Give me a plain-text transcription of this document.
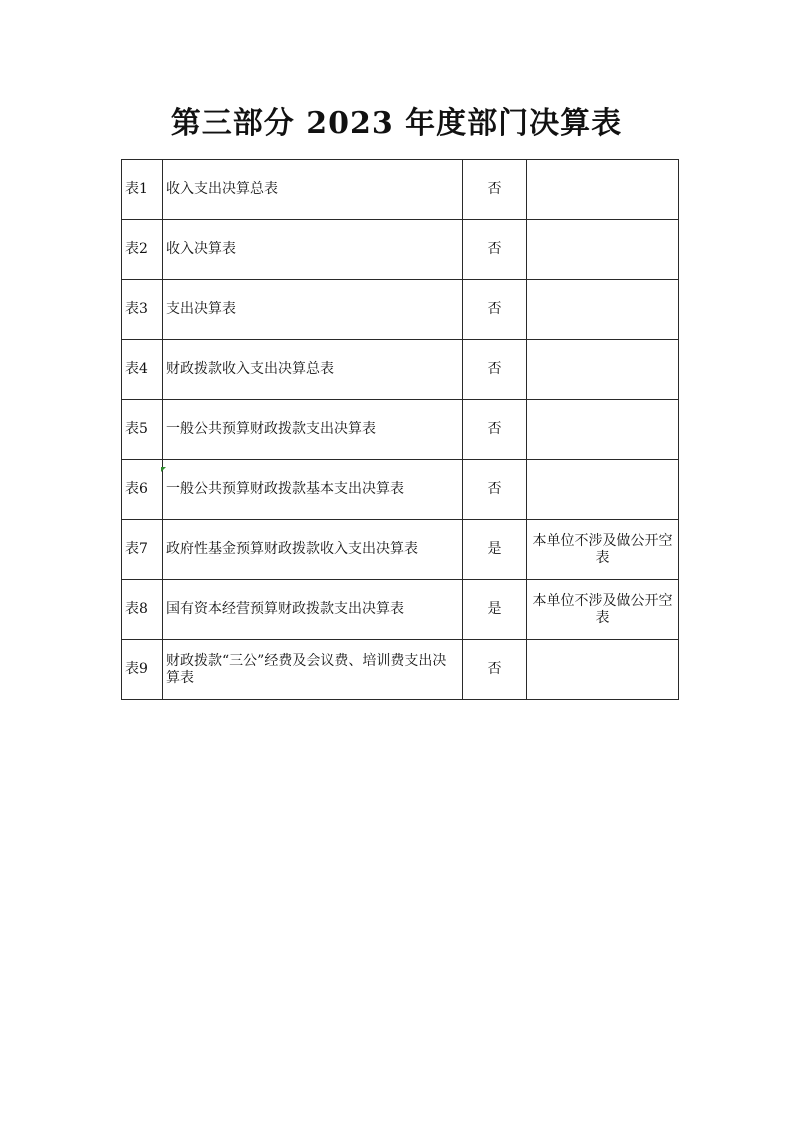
第三部分 2023 年度部门决算表
表1	收入支出决算总表	否	
表2	收入决算表	否	
表3	支出决算表	否	
表4	财政拨款收入支出决算总表	否	
表5	一般公共预算财政拨款支出决算表	否	
表6	一般公共预算财政拨款基本支出决算表	否	
表7	政府性基金预算财政拨款收入支出决算表	是	本单位不涉及做公开空表
表8	国有资本经营预算财政拨款支出决算表	是	本单位不涉及做公开空表
表9	财政拨款“三公”经费及会议费、培训费支出决算表	否	
